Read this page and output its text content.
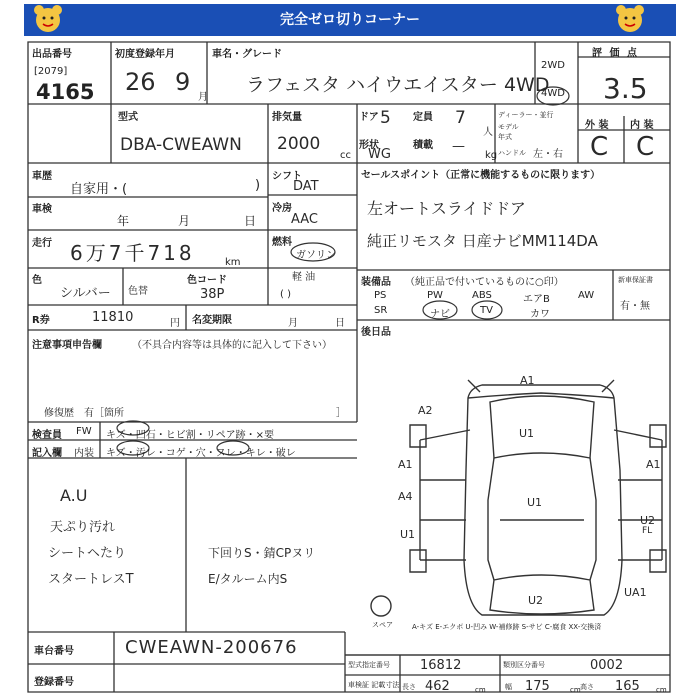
完全ゼロ切りコーナー
出品番号
[2079]
4165
初度登録年月
26 9
月
車名・グレード
ラフェスタ ハイウエイスター 4WD
2WD
4WD
評 価 点
3.5
型式
DBA-CWEAWN
排気量
2000
cc
ドア 5 定員 7
人
ディーラー・並行
モデル
年式
外 装 内 装
C C
形状
WG
積載 —
kg ハンドル 左・右
車歴
自家用・(	)
車検
年	月	日
走行 6万7千718	km
色
シルバー 色替
色コード
38P
シフト
DAT
冷房
AAC
燃料
ガソリン
軽 油
( )
R券	11810	円 名変期限	月	日
注意事項申告欄	（不具合内容等は具体的に記入して下さい）
修復歴　有［箇所	］
検査員
記入欄
FW キズ・凹石・ヒビ割・リペア跡・×要
内装 キズ・汚レ・コゲ・穴・ヌレ・キレ・破レ
A.U
天ぷり汚れ
シートヘたり
スタートレスT
下回りS・錆CPヌリ
E/タルーム内S
セールスポイント（正常に機能するものに限ります）
左オートスライドドア
純正リモスタ 日産ナビMM114DA
装備品 （純正品で付いているものに○印）
PS	PW	ABS	エアB	AW
SR	ナビ	TV	カワ
新車保証書
有・無
後日品
A1
A2
U1
A1	A1
A4	U1
U1
U2
FL
U2
UA1
スペア	A-キズ E-エクボ U-凹み W-補修跡 S-サビ C-腐食 XX-交換済
車台番号	CWEAWN-200676
登録番号
型式指定番号 16812	類別区分番号	0002
車検証 記載寸法 長さ 462	cm	幅 175	cm 高さ 165 cm
